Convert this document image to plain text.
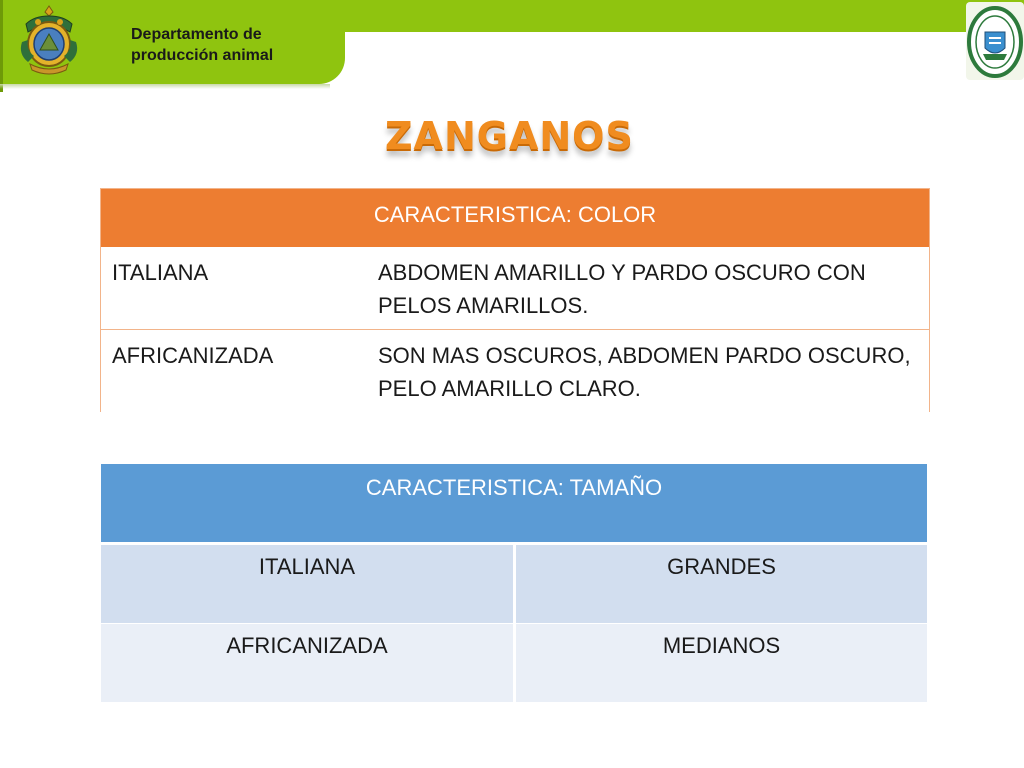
Departamento de
producción animal
ZANGANOS
CARACTERISTICA: COLOR
ITALIANA	ABDOMEN AMARILLO Y PARDO OSCURO CON PELOS AMARILLOS.
AFRICANIZADA	SON MAS OSCUROS, ABDOMEN PARDO OSCURO, PELO AMARILLO CLARO.
CARACTERISTICA: TAMAÑO
ITALIANA	GRANDES
AFRICANIZADA	MEDIANOS
